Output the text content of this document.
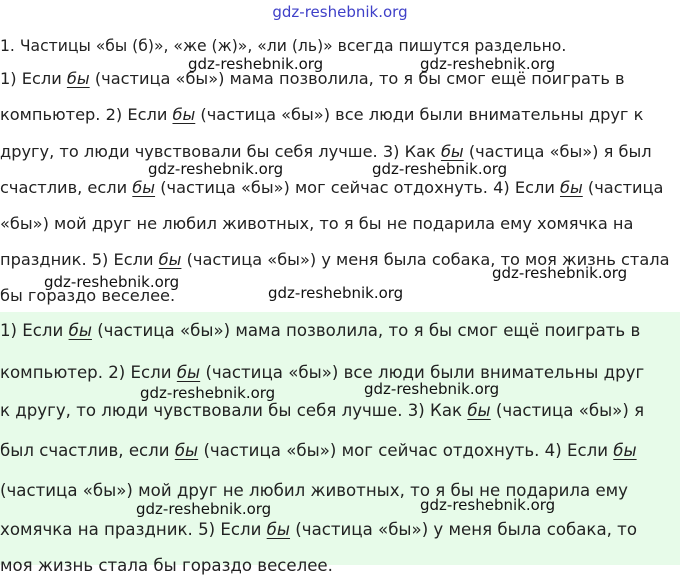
gdz-reshebnik.org
1. Частицы «бы (б)», «же (ж)», «ли (ль)» всегда пишутся раздельно.
1) Если бы (частица «бы») мама позволила, то я бы смог ещё поиграть в
компьютер. 2) Если бы (частица «бы») все люди были внимательны друг к
другу, то люди чувствовали бы себя лучше. 3) Как бы (частица «бы») я был
счастлив, если бы (частица «бы») мог сейчас отдохнуть. 4) Если бы (частица
«бы») мой друг не любил животных, то я бы не подарила ему хомячка на
праздник. 5) Если бы (частица «бы») у меня была собака, то моя жизнь стала
бы гораздо веселее.
1) Если бы (частица «бы») мама позволила, то я бы смог ещё поиграть в
компьютер. 2) Если бы (частица «бы») все люди были внимательны друг
к другу, то люди чувствовали бы себя лучше. 3) Как бы (частица «бы») я
был счастлив, если бы (частица «бы») мог сейчас отдохнуть. 4) Если бы
(частица «бы») мой друг не любил животных, то я бы не подарила ему
хомячка на праздник. 5) Если бы (частица «бы») у меня была собака, то
моя жизнь стала бы гораздо веселее.
gdz-reshebnik.org	gdz-reshebnik.org
gdz-reshebnik.org	gdz-reshebnik.org
gdz-reshebnik.org	gdz-reshebnik.org
gdz-reshebnik.org
gdz-reshebnik.org	gdz-reshebnik.org
gdz-reshebnik.org	gdz-reshebnik.org
